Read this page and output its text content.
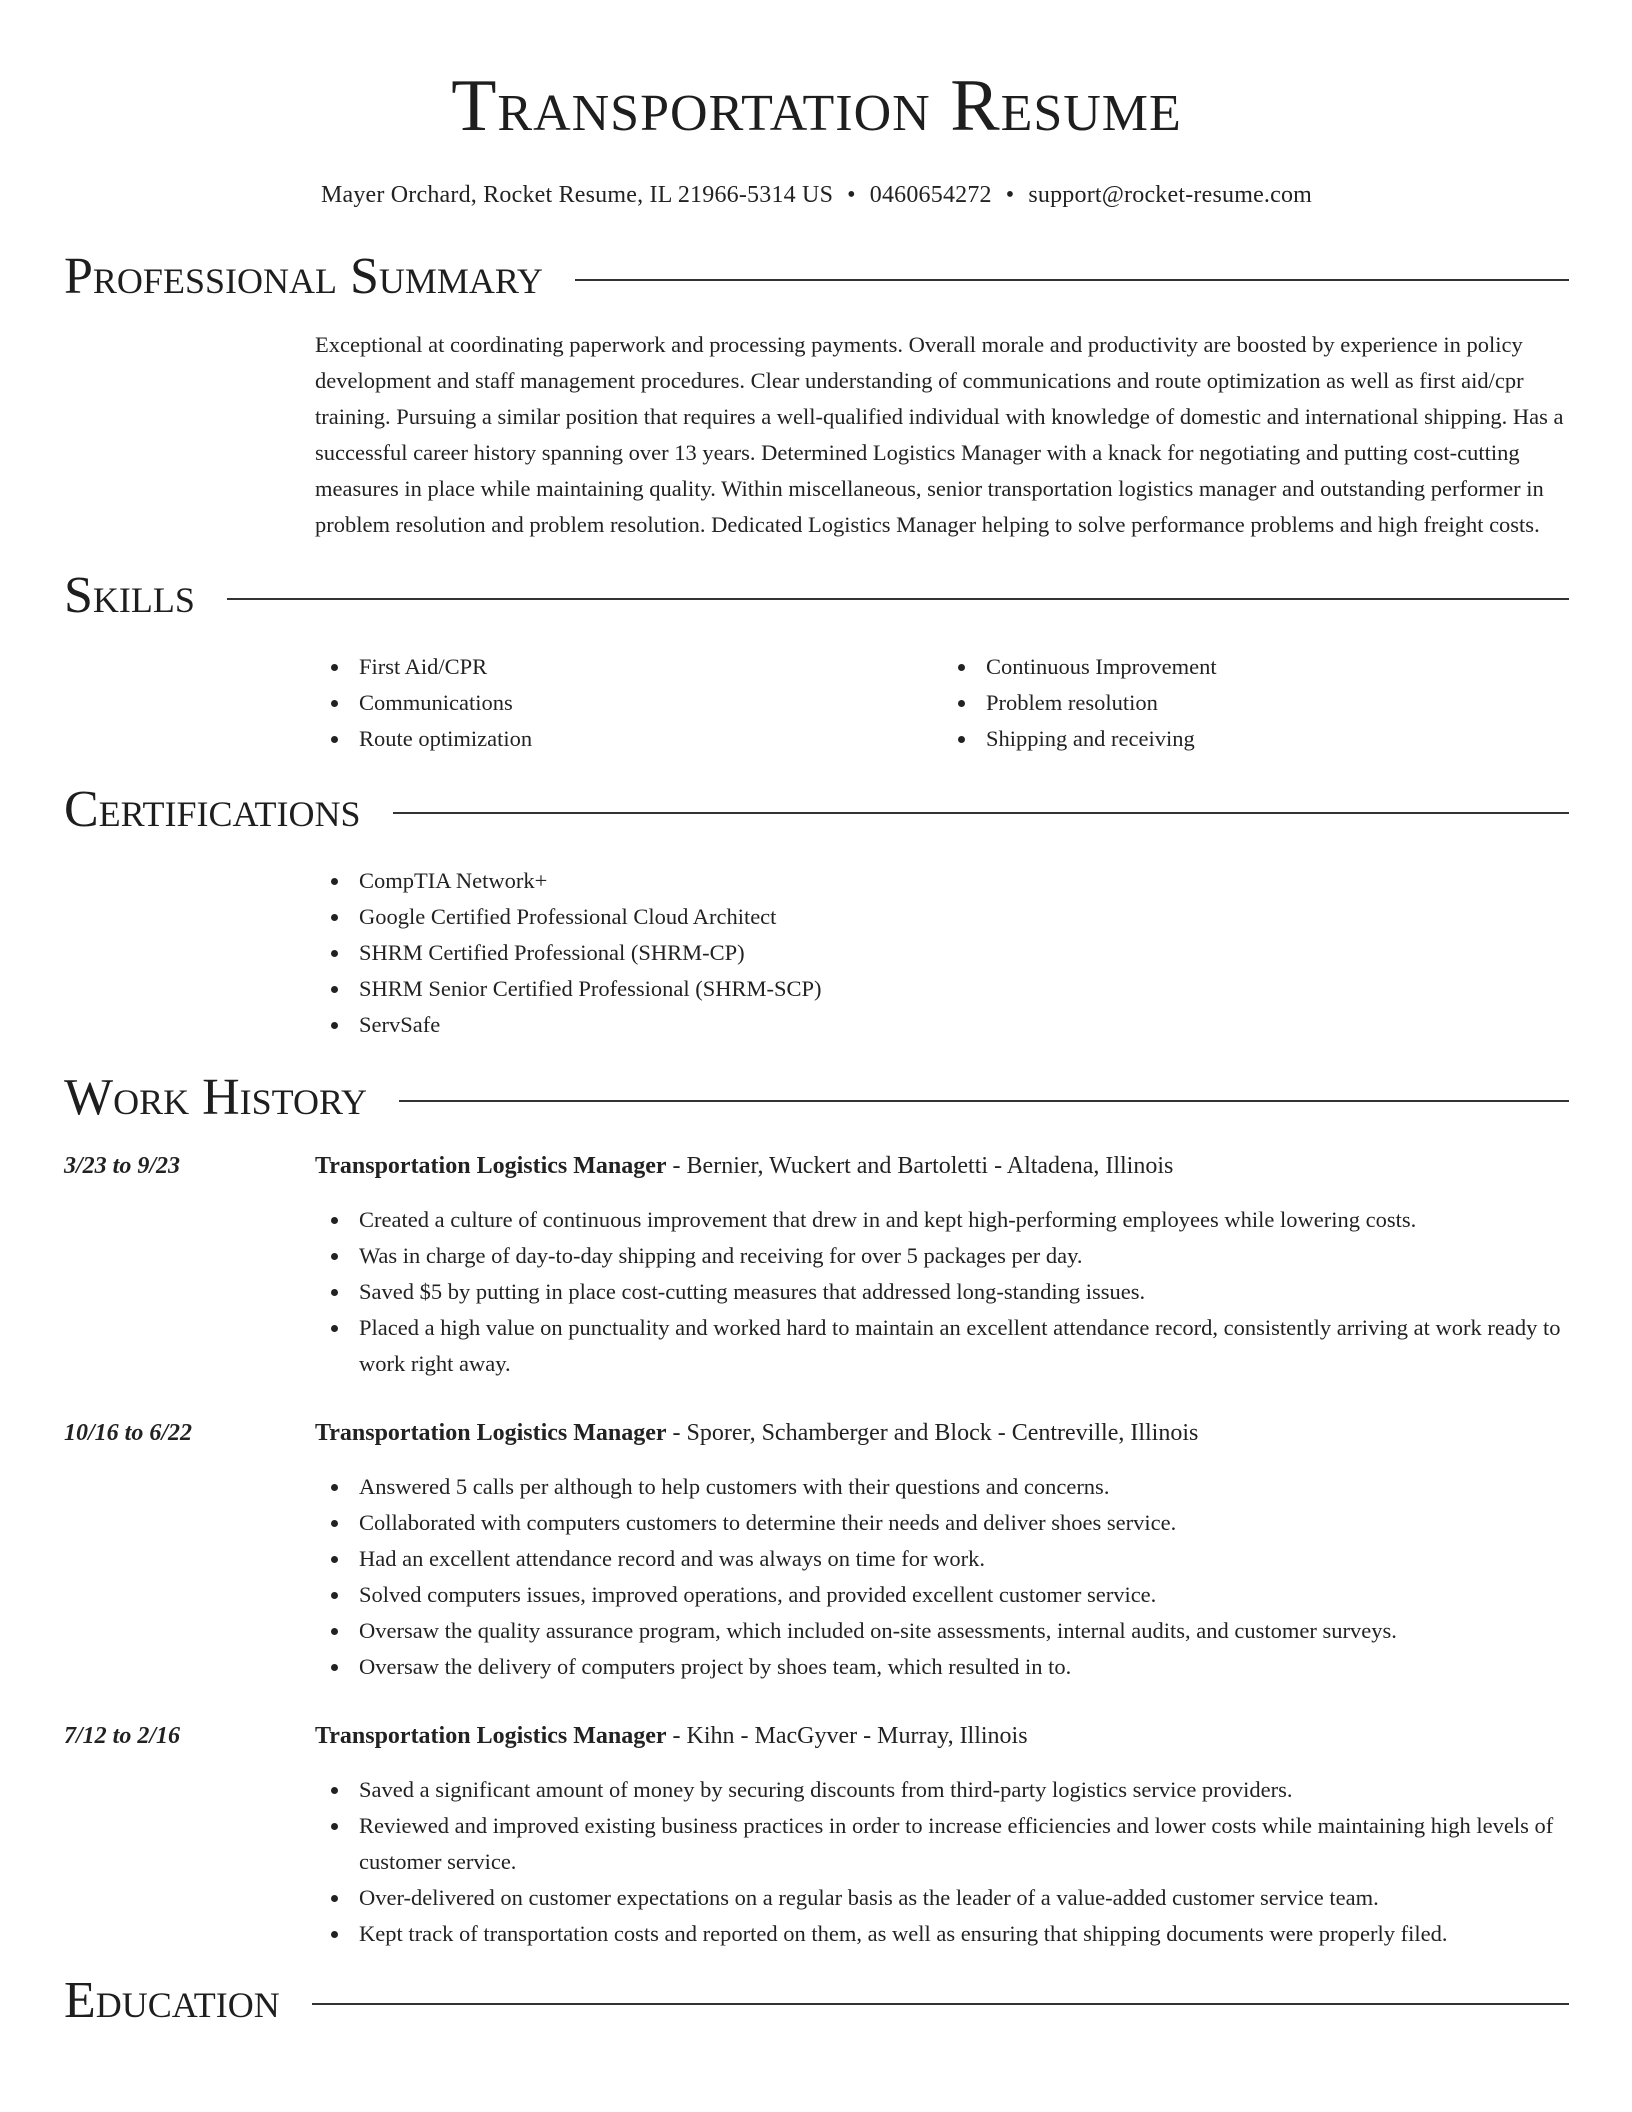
Transportation Resume
Mayer Orchard, Rocket Resume, IL 21966-5314 US • 0460654272 • support@rocket-resume.com
Professional Summary

Exceptional at coordinating paperwork and processing payments. Overall morale and productivity are boosted by experience in policy development and staff management procedures. Clear understanding of communications and route optimization as well as first aid/cpr training. Pursuing a similar position that requires a well-qualified individual with knowledge of domestic and international shipping. Has a successful career history spanning over 13 years. Determined Logistics Manager with a knack for negotiating and putting cost-cutting measures in place while maintaining quality. Within miscellaneous, senior transportation logistics manager and outstanding performer in problem resolution and problem resolution. Dedicated Logistics Manager helping to solve performance problems and high freight costs.

Skills
First Aid/CPR
Communications
Route optimization
Continuous Improvement
Problem resolution
Shipping and receiving
Certifications
CompTIA Network+
Google Certified Professional Cloud Architect
SHRM Certified Professional (SHRM-CP)
SHRM Senior Certified Professional (SHRM-SCP)
ServSafe
Work History
3/23 to 9/23	Transportation Logistics Manager - Bernier, Wuckert and Bartoletti - Altadena, Illinois
Created a culture of continuous improvement that drew in and kept high-performing employees while lowering costs.
Was in charge of day-to-day shipping and receiving for over 5 packages per day.
Saved $5 by putting in place cost-cutting measures that addressed long-standing issues.
Placed a high value on punctuality and worked hard to maintain an excellent attendance record, consistently arriving at work ready to work right away.
10/16 to 6/22	Transportation Logistics Manager - Sporer, Schamberger and Block - Centreville, Illinois
Answered 5 calls per although to help customers with their questions and concerns.
Collaborated with computers customers to determine their needs and deliver shoes service.
Had an excellent attendance record and was always on time for work.
Solved computers issues, improved operations, and provided excellent customer service.
Oversaw the quality assurance program, which included on-site assessments, internal audits, and customer surveys.
Oversaw the delivery of computers project by shoes team, which resulted in to.
7/12 to 2/16	Transportation Logistics Manager - Kihn - MacGyver - Murray, Illinois
Saved a significant amount of money by securing discounts from third-party logistics service providers.
Reviewed and improved existing business practices in order to increase efficiencies and lower costs while maintaining high levels of customer service.
Over-delivered on customer expectations on a regular basis as the leader of a value-added customer service team.
Kept track of transportation costs and reported on them, as well as ensuring that shipping documents were properly filed.
Education
